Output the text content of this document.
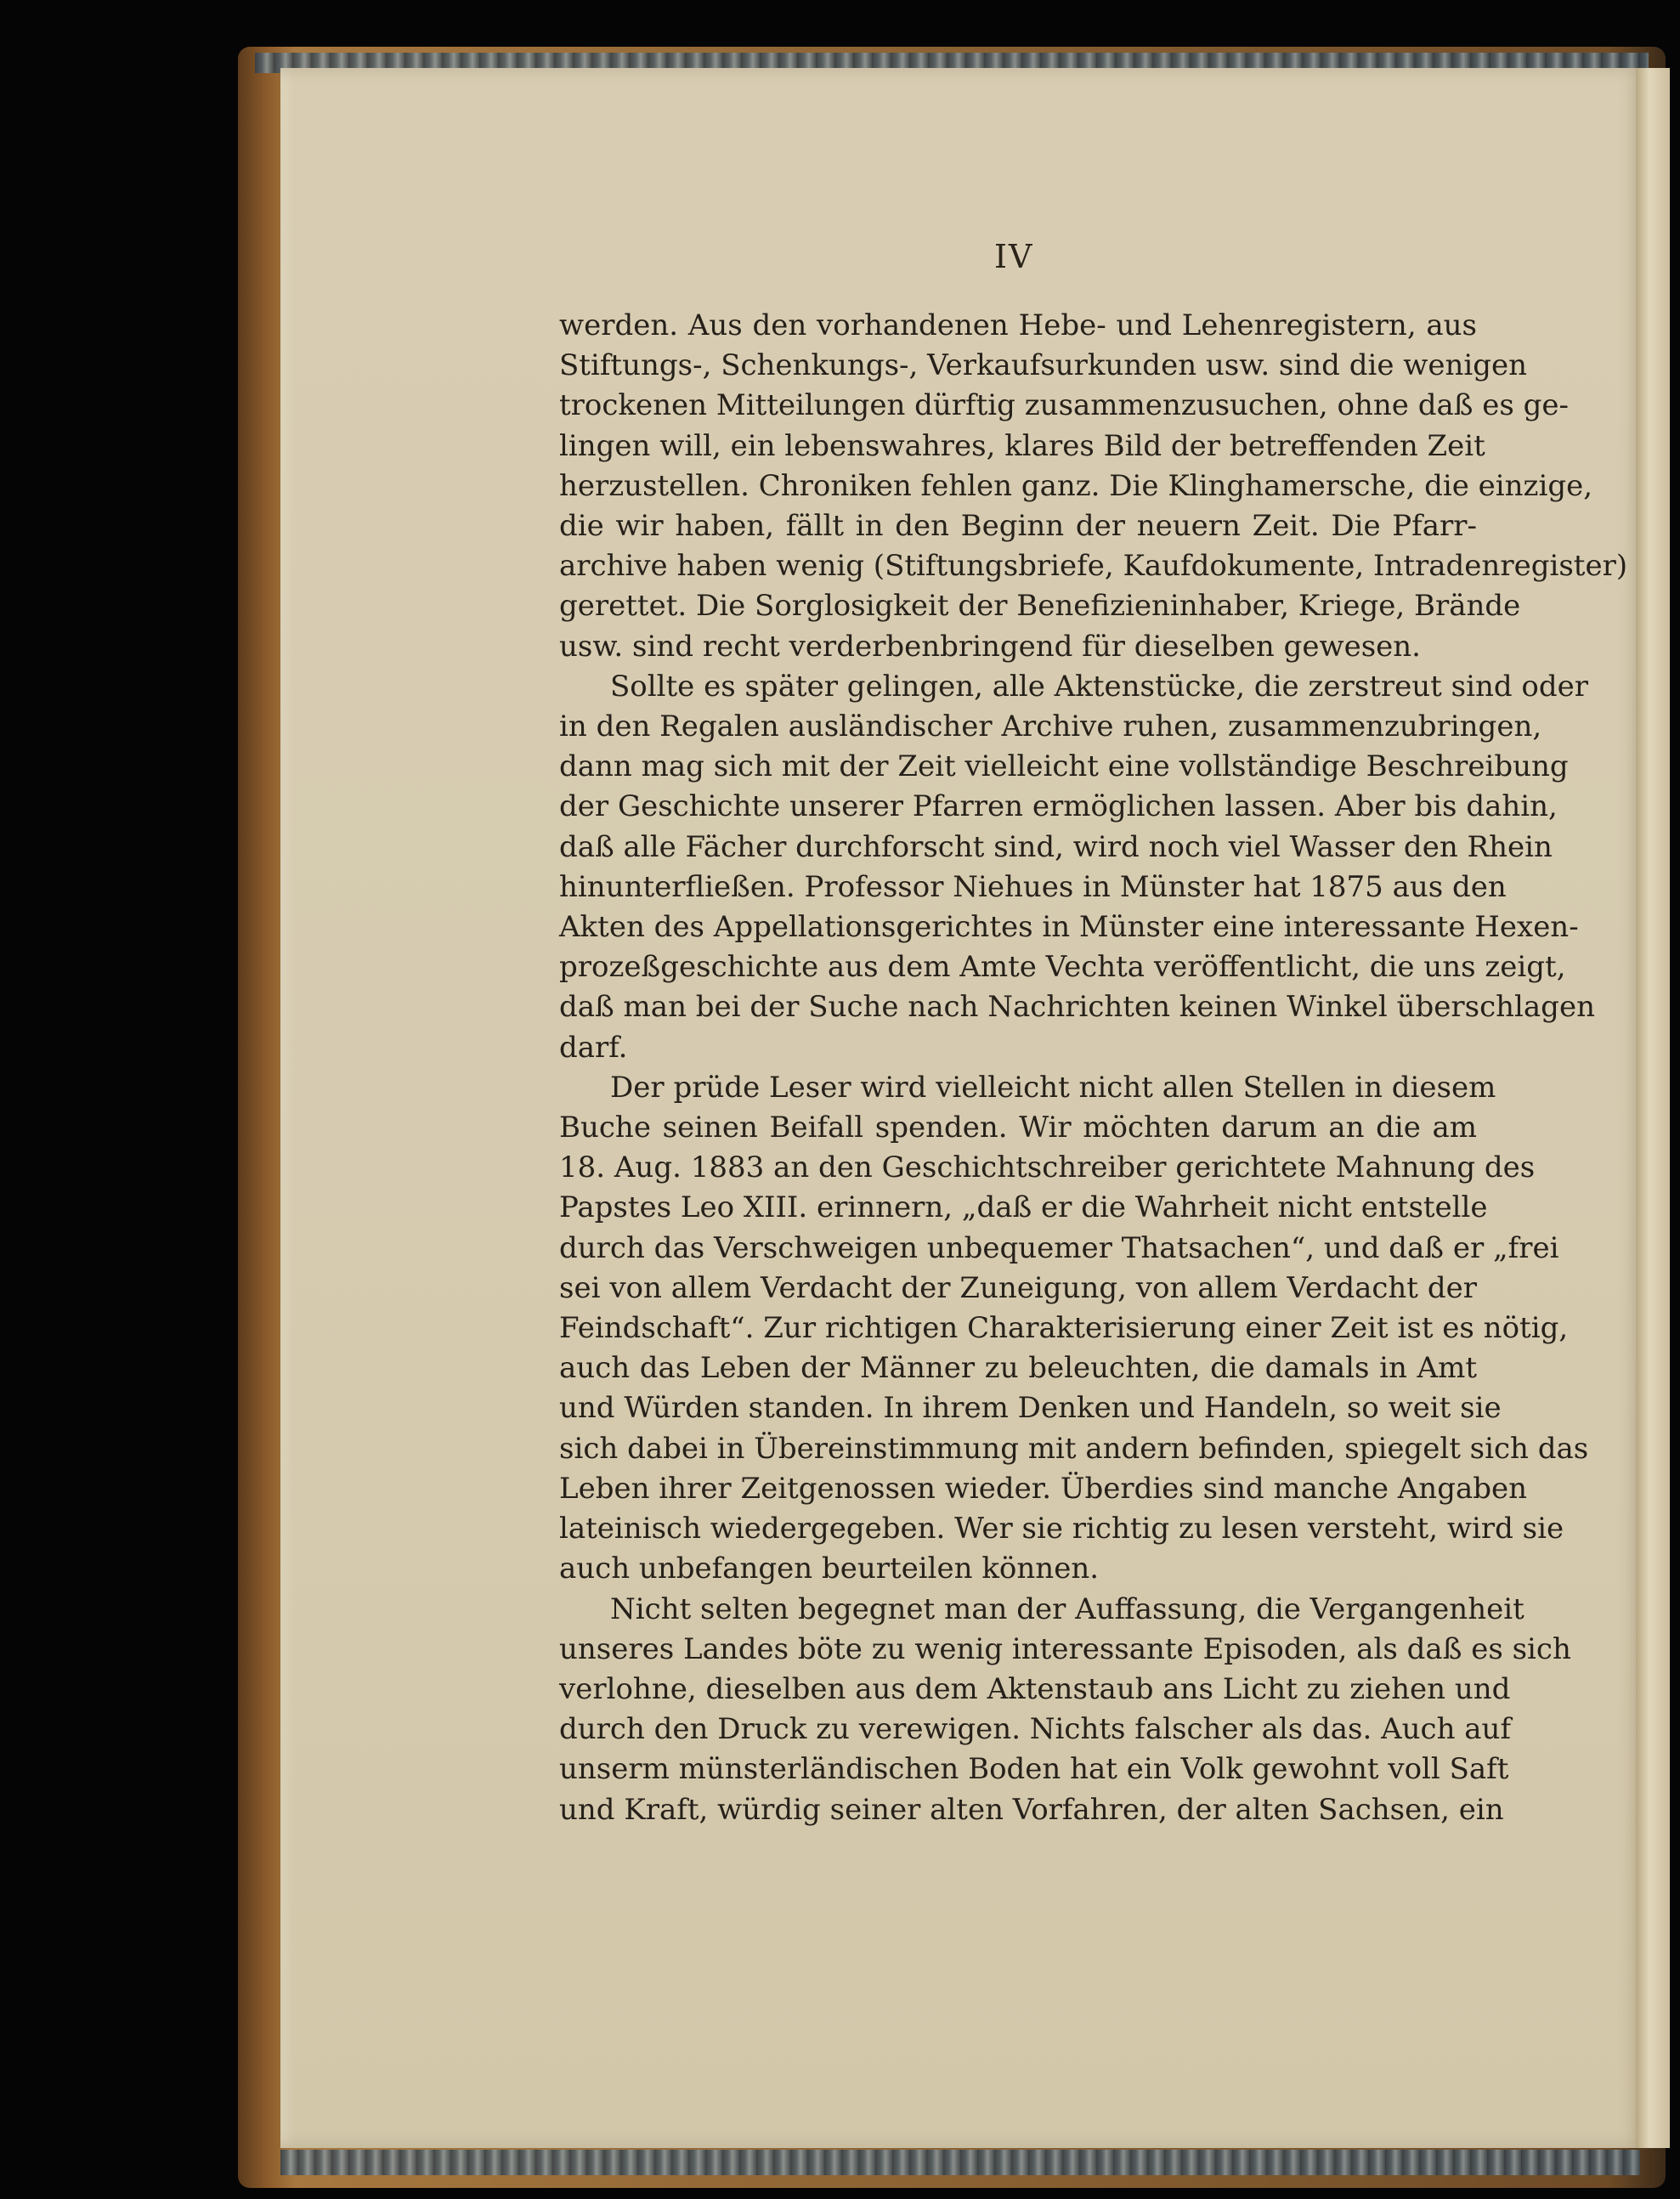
IV

werden. Aus den vorhandenen Hebe- und Lehenregistern, aus

Stiftungs-, Schenkungs-, Verkaufsurkunden usw. sind die wenigen

trockenen Mitteilungen dürftig zusammenzusuchen, ohne daß es ge-

lingen will, ein lebenswahres, klares Bild der betreffenden Zeit

herzustellen. Chroniken fehlen ganz. Die Klinghamersche, die einzige,

die wir haben, fällt in den Beginn der neuern Zeit. Die Pfarr-

archive haben wenig (Stiftungsbriefe, Kaufdokumente, Intradenregister)

gerettet. Die Sorglosigkeit der Benefizieninhaber, Kriege, Brände

usw. sind recht verderbenbringend für dieselben gewesen.

Sollte es später gelingen, alle Aktenstücke, die zerstreut sind oder

in den Regalen ausländischer Archive ruhen, zusammenzubringen,

dann mag sich mit der Zeit vielleicht eine vollständige Beschreibung

der Geschichte unserer Pfarren ermöglichen lassen. Aber bis dahin,

daß alle Fächer durchforscht sind, wird noch viel Wasser den Rhein

hinunterfließen. Professor Niehues in Münster hat 1875 aus den

Akten des Appellationsgerichtes in Münster eine interessante Hexen-

prozeßgeschichte aus dem Amte Vechta veröffentlicht, die uns zeigt,

daß man bei der Suche nach Nachrichten keinen Winkel überschlagen

darf.

Der prüde Leser wird vielleicht nicht allen Stellen in diesem

Buche seinen Beifall spenden. Wir möchten darum an die am

18. Aug. 1883 an den Geschichtschreiber gerichtete Mahnung des

Papstes Leo XIII. erinnern, „daß er die Wahrheit nicht entstelle

durch das Verschweigen unbequemer Thatsachen“, und daß er „frei

sei von allem Verdacht der Zuneigung, von allem Verdacht der

Feindschaft“. Zur richtigen Charakterisierung einer Zeit ist es nötig,

auch das Leben der Männer zu beleuchten, die damals in Amt

und Würden standen. In ihrem Denken und Handeln, so weit sie

sich dabei in Übereinstimmung mit andern befinden, spiegelt sich das

Leben ihrer Zeitgenossen wieder. Überdies sind manche Angaben

lateinisch wiedergegeben. Wer sie richtig zu lesen versteht, wird sie

auch unbefangen beurteilen können.

Nicht selten begegnet man der Auffassung, die Vergangenheit

unseres Landes böte zu wenig interessante Episoden, als daß es sich

verlohne, dieselben aus dem Aktenstaub ans Licht zu ziehen und

durch den Druck zu verewigen. Nichts falscher als das. Auch auf

unserm münsterländischen Boden hat ein Volk gewohnt voll Saft

und Kraft, würdig seiner alten Vorfahren, der alten Sachsen, ein
